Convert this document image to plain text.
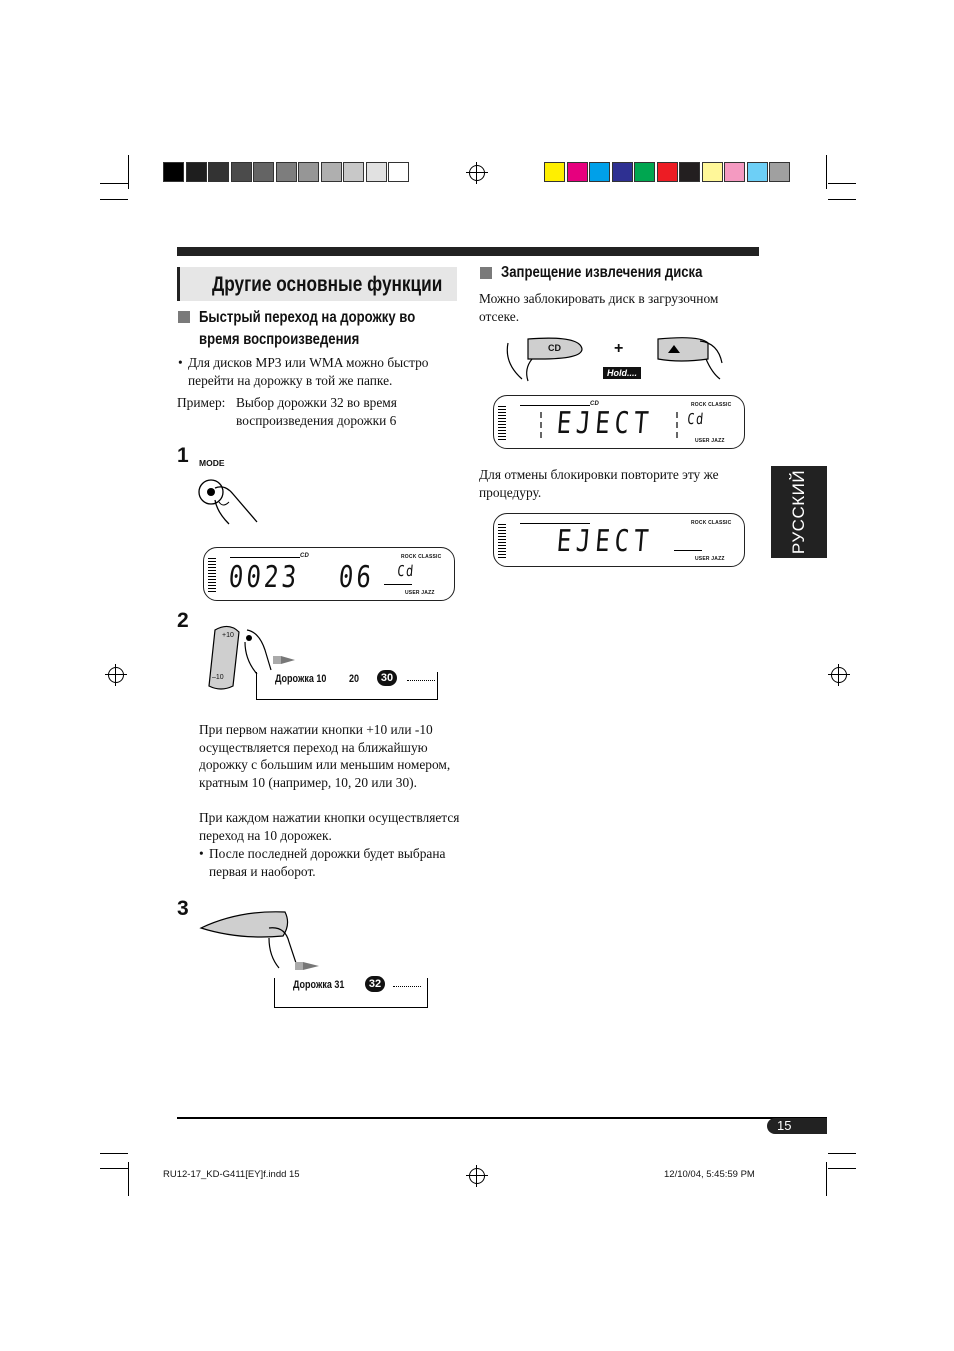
Другие основные функции
Быстрый переход на дорожку во время воспроизведения
• Для дисков MP3 или WMA можно быстро перейти на дорожку в той же папке.
Пример: Выбор дорожки 32 во время воспроизведения дорожки 6
1 MODE
CD	ROCK CLASSIC
USER JAZZ
0023 06 Cd
2
+10
–10	Дорожка 10 20	30
При первом нажатии кнопки +10 или -10 осуществляется переход на ближайшую дорожку с большим или меньшим номером, кратным 10 (например, 10, 20 или 30).
При каждом нажатии кнопки осуществляется переход на 10 дорожек.
• После последней дорожки будет выбрана первая и наоборот.
3
Дорожка 31	32
Запрещение извлечения диска
Можно заблокировать диск в загрузочном отсеке.
CD	+
Hold....
CD	ROCK CLASSIC
USER JAZZ
EJECT Cd
Для отмены блокировки повторите эту же процедуру.
ROCK CLASSIC
USER JAZZ
EJECT	РУССКИЙ
15
RU12-17_KD-G411[EY]f.indd 15	12/10/04, 5:45:59 PM
